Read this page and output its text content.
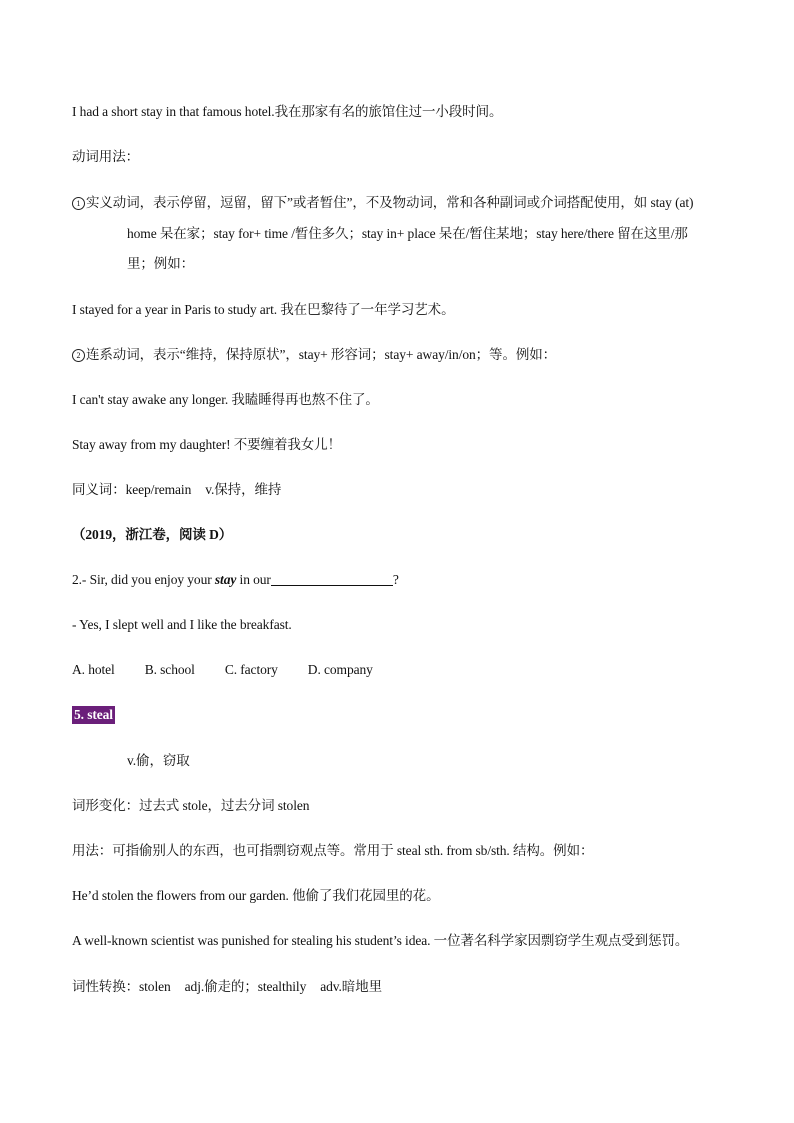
I had a short stay in that famous hotel.我在那家有名的旅馆住过一小段时间。
动词用法：
1 实义动词，表示停留，逗留，留下”或者暂住”，不及物动词，常和各种副词或介词搭配使用，如 stay (at)
home 呆在家；stay for+ time /暂住多久；stay in+ place 呆在/暂住某地；stay here/there 留在这里/那
里；例如：
I stayed for a year in Paris to study art. 我在巴黎待了一年学习艺术。
2 连系动词，表示“维持，保持原状”，stay+ 形容词；stay+ away/in/on；等。例如：
I can't stay awake any longer. 我瞌睡得再也熬不住了。
Stay away from my daughter! 不要缠着我女儿！
同义词：keep/remain v.保持，维持
（2019，浙江卷，阅读 D）
2.- Sir, did you enjoy your stay in our	?
- Yes, I slept well and I like the breakfast.
A. hotel B. school C. factory D. company
5. steal
v.偷，窃取
词形变化：过去式 stole，过去分词 stolen
用法：可指偷别人的东西，也可指剽窃观点等。常用于 steal sth. from sb/sth. 结构。例如：
He’d stolen the flowers from our garden. 他偷了我们花园里的花。
A well-known scientist was punished for stealing his student’s idea. 一位著名科学家因剽窃学生观点受到惩罚。
词性转换：stolen adj.偷走的；stealthily adv.暗地里
